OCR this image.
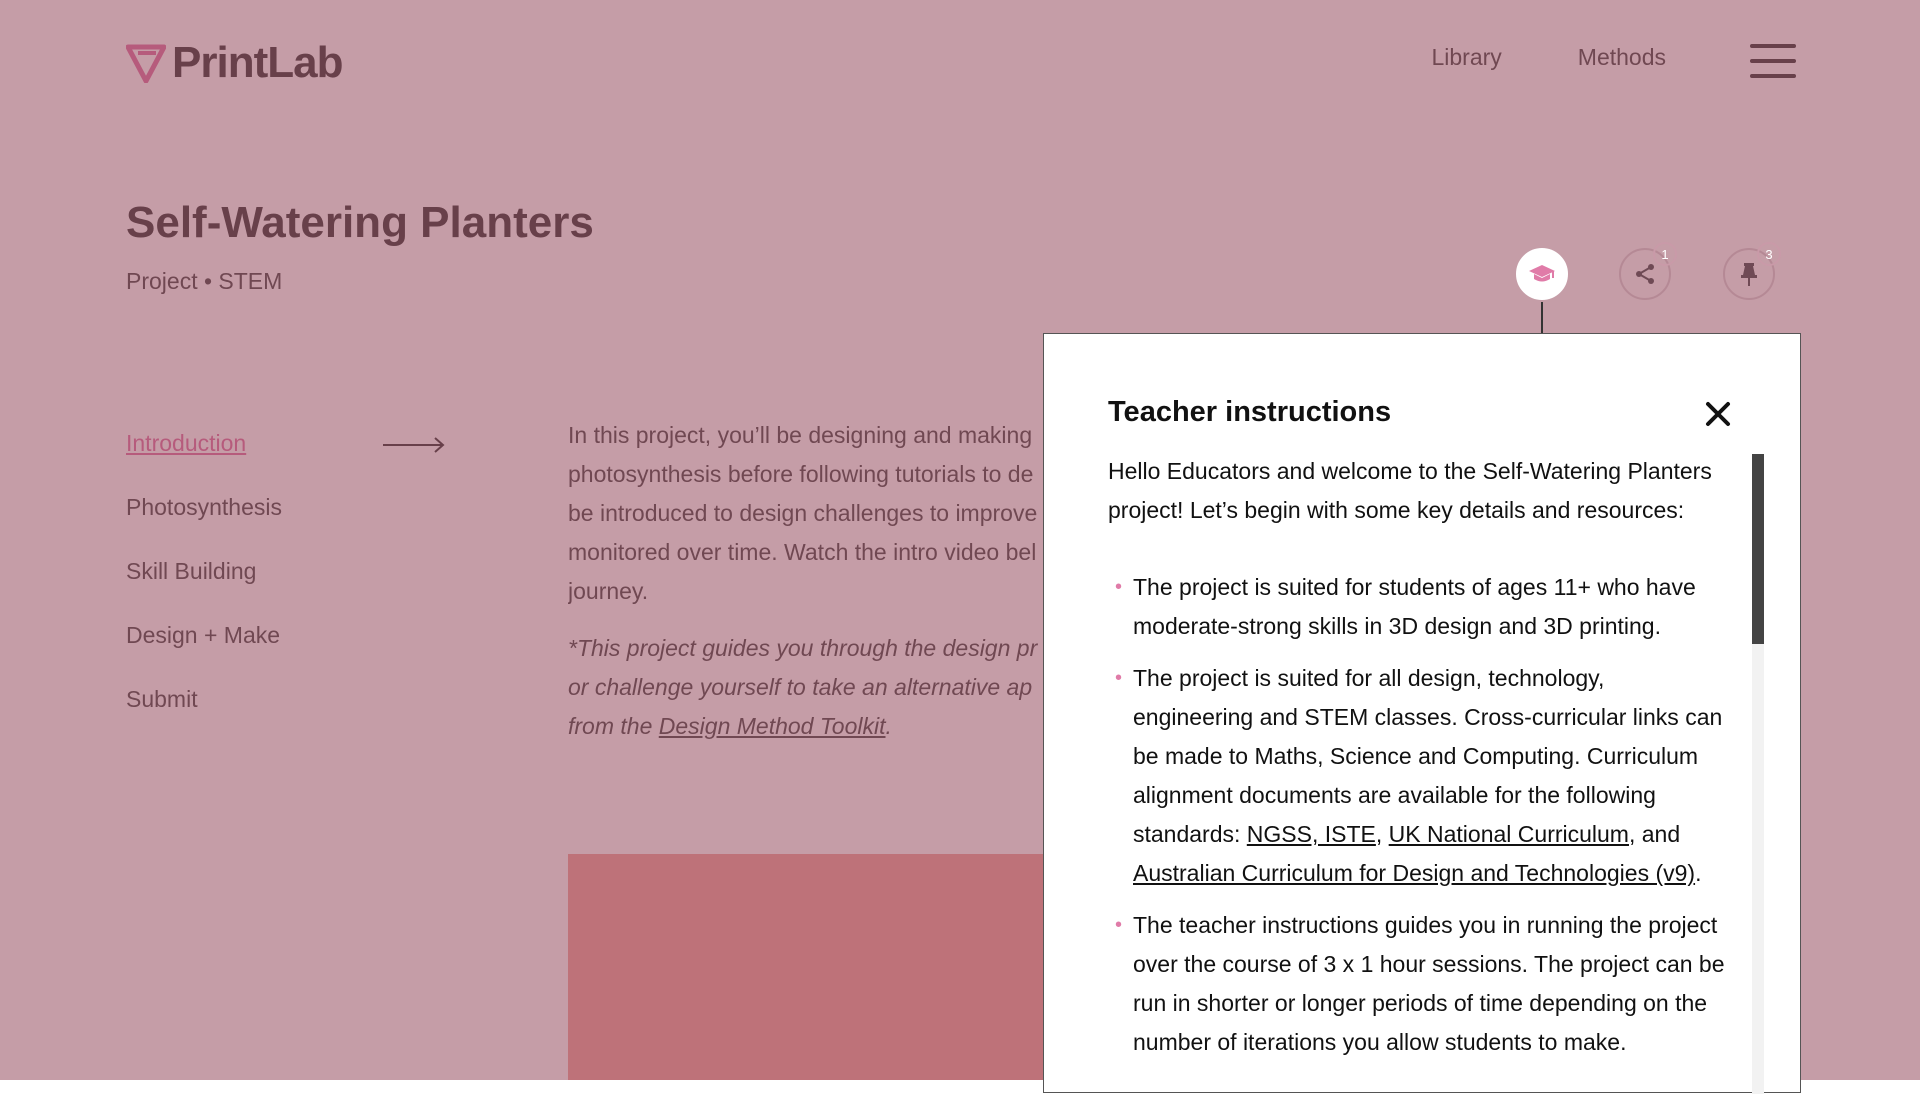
1	3
Teacher instructions

Hello Educators and welcome to the Self-Watering Planters project! Let’s begin with some key details and resources:

• The project is suited for students of ages 11+ who have moderate-strong skills in 3D design and 3D printing.
• The project is suited for all design, technology, engineering and STEM classes. Cross-curricular links can be made to Maths, Science and Computing. Curriculum alignment documents are available for the following standards: NGSS, ISTE, UK National Curriculum, and Australian Curriculum for Design and Technologies (v9).
• The teacher instructions guides you in running the project over the course of 3 x 1 hour sessions. The project can be run in shorter or longer periods of time depending on the number of iterations you allow students to make.
